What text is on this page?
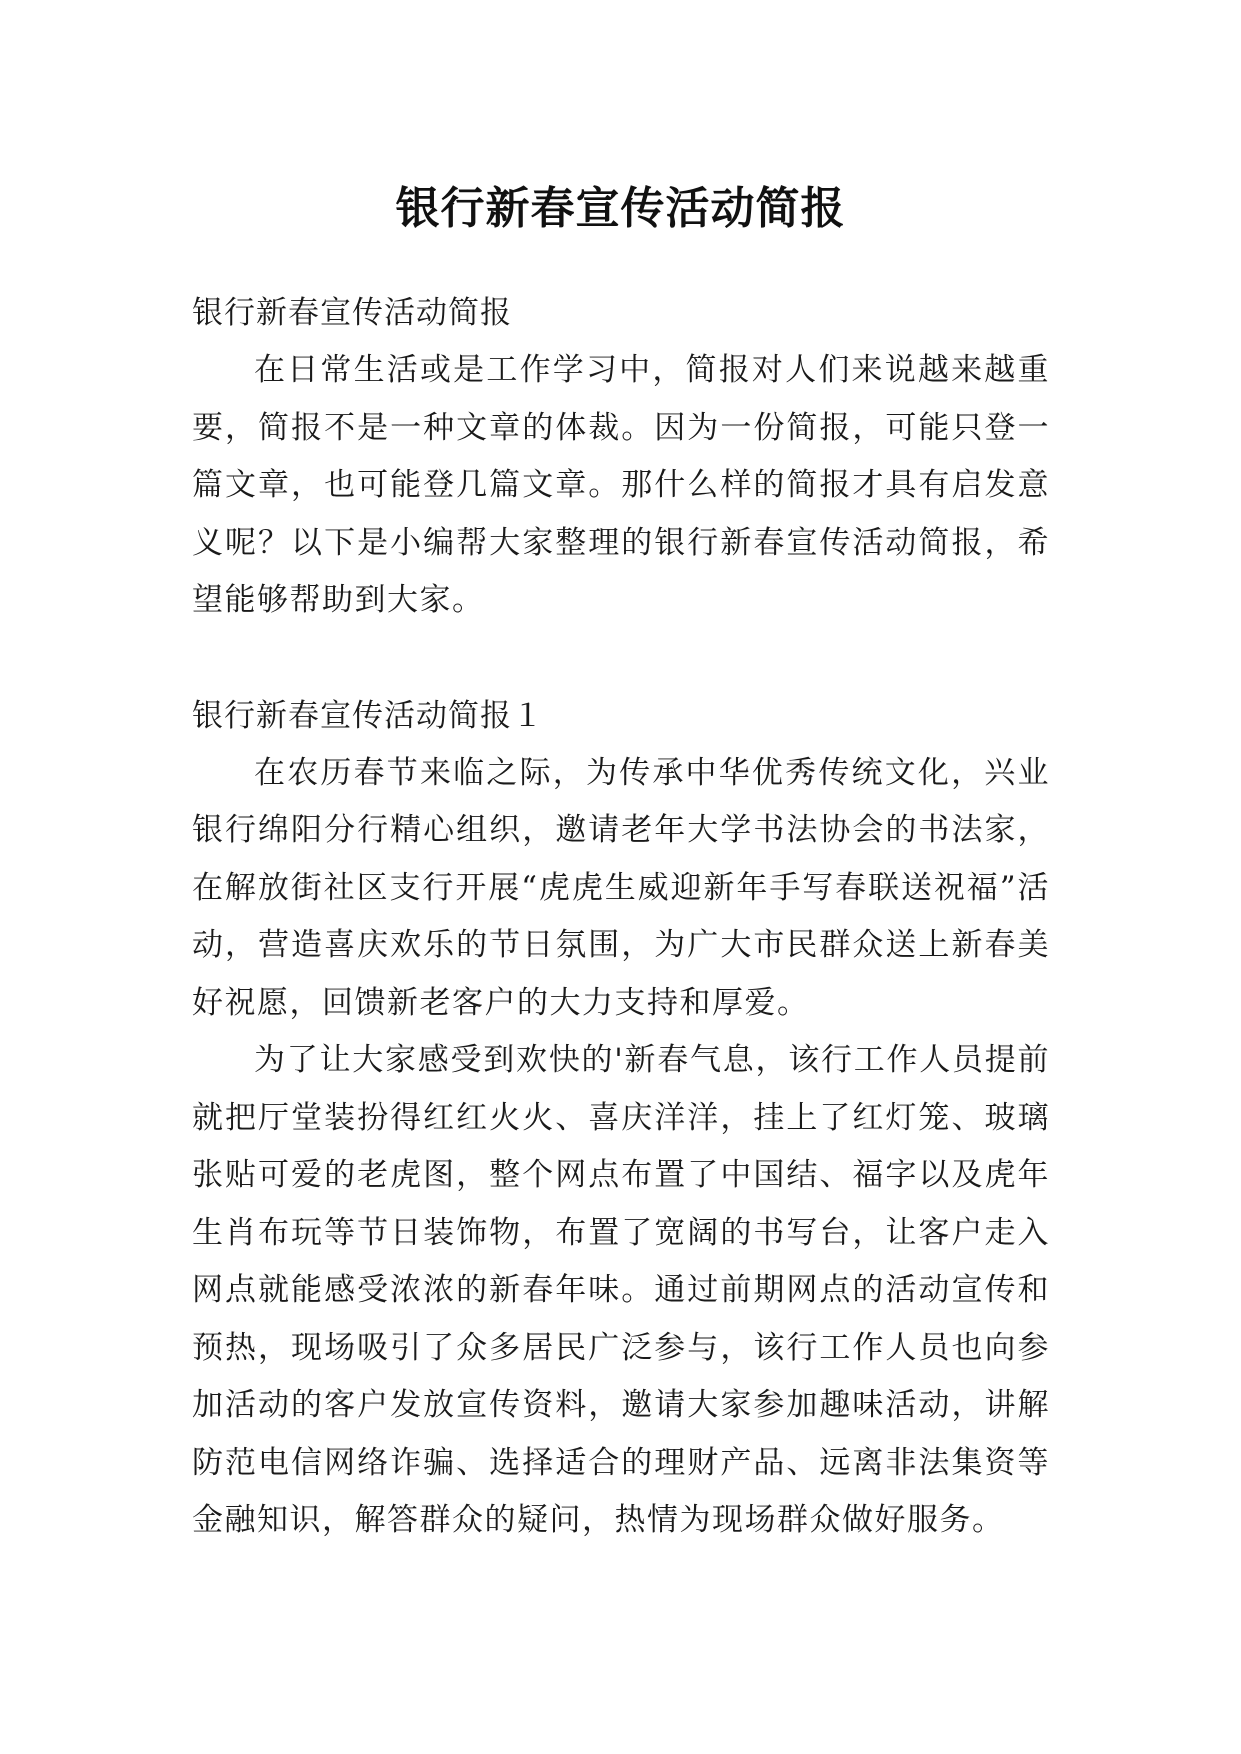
银行新春宣传活动简报

银行新春宣传活动简报

在日常生活或是工作学习中，简报对人们来说越来越重要，简报不是一种文章的体裁。因为一份简报，可能只登一篇文章，也可能登几篇文章。那什么样的简报才具有启发意义呢？以下是小编帮大家整理的银行新春宣传活动简报，希望能够帮助到大家。

银行新春宣传活动简报１

在农历春节来临之际，为传承中华优秀传统文化，兴业银行绵阳分行精心组织，邀请老年大学书法协会的书法家，在解放街社区支行开展“虎虎生威迎新年手写春联送祝福”活动，营造喜庆欢乐的节日氛围，为广大市民群众送上新春美好祝愿，回馈新老客户的大力支持和厚爱。

为了让大家感受到欢快的'新春气息，该行工作人员提前就把厅堂装扮得红红火火、喜庆洋洋，挂上了红灯笼、玻璃张贴可爱的老虎图，整个网点布置了中国结、福字以及虎年生肖布玩等节日装饰物，布置了宽阔的书写台，让客户走入网点就能感受浓浓的新春年味。通过前期网点的活动宣传和预热，现场吸引了众多居民广泛参与，该行工作人员也向参加活动的客户发放宣传资料，邀请大家参加趣味活动，讲解防范电信网络诈骗、选择适合的理财产品、远离非法集资等金融知识，解答群众的疑问，热情为现场群众做好服务。
